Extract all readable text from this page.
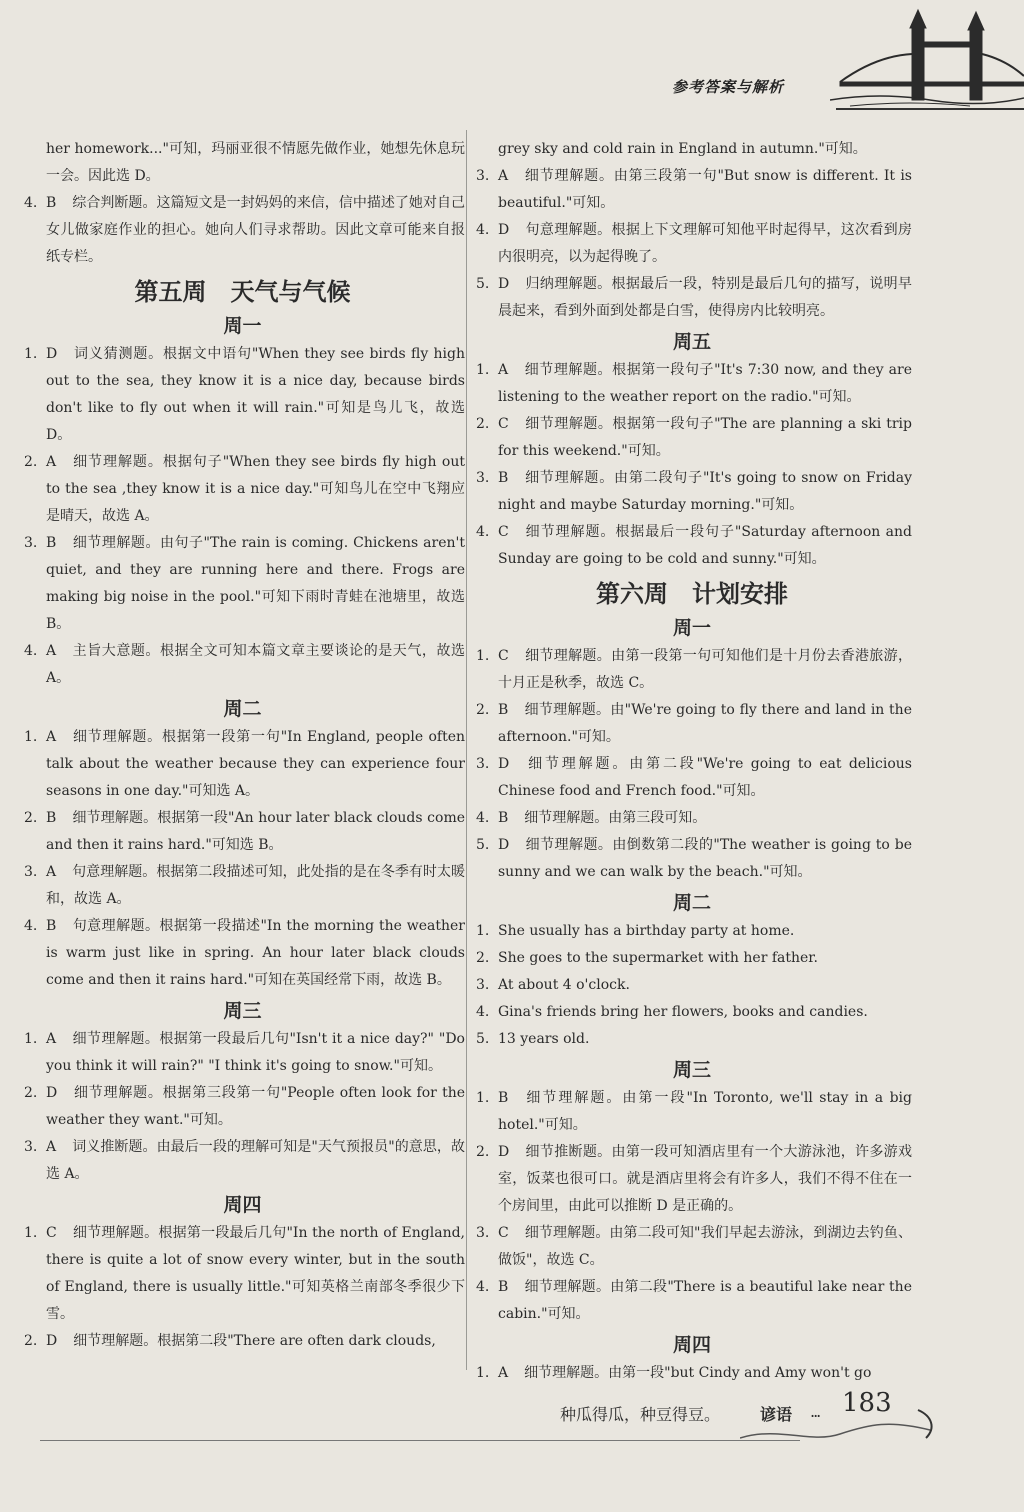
参考答案与解析

her homework..."可知，玛丽亚很不情愿先做作业，她想先休息玩一会。因此选 D。

4. B 综合判断题。这篇短文是一封妈妈的来信，信中描述了她对自己女儿做家庭作业的担心。她向人们寻求帮助。因此文章可能来自报纸专栏。

第五周　天气与气候
周一

1. D 词义猜测题。根据文中语句"When they see birds fly high out to the sea, they know it is a nice day, because birds don't like to fly out when it will rain."可知是鸟儿飞，故选 D。

2. A 细节理解题。根据句子"When they see birds fly high out to the sea ,they know it is a nice day."可知鸟儿在空中飞翔应是晴天，故选 A。

3. B 细节理解题。由句子"The rain is coming. Chickens aren't quiet, and they are running here and there. Frogs are making big noise in the pool."可知下雨时青蛙在池塘里，故选 B。

4. A 主旨大意题。根据全文可知本篇文章主要谈论的是天气，故选 A。

周二

1. A 细节理解题。根据第一段第一句"In England, people often talk about the weather because they can experience four seasons in one day."可知选 A。

2. B 细节理解题。根据第一段"An hour later black clouds come and then it rains hard."可知选 B。

3. A 句意理解题。根据第二段描述可知，此处指的是在冬季有时太暖和，故选 A。

4. B 句意理解题。根据第一段描述"In the morning the weather is warm just like in spring. An hour later black clouds come and then it rains hard."可知在英国经常下雨，故选 B。

周三

1. A 细节理解题。根据第一段最后几句"Isn't it a nice day?" "Do you think it will rain?" "I think it's going to snow."可知。

2. D 细节理解题。根据第三段第一句"People often look for the weather they want."可知。

3. A 词义推断题。由最后一段的理解可知是"天气预报员"的意思，故选 A。

周四

1. C 细节理解题。根据第一段最后几句"In the north of England, there is quite a lot of snow every winter, but in the south of England, there is usually little."可知英格兰南部冬季很少下雪。

2. D 细节理解题。根据第二段"There are often dark clouds,

grey sky and cold rain in England in autumn."可知。

3. A 细节理解题。由第三段第一句"But snow is different. It is beautiful."可知。

4. D 句意理解题。根据上下文理解可知他平时起得早，这次看到房内很明亮，以为起得晚了。

5. D 归纳理解题。根据最后一段，特别是最后几句的描写，说明早晨起来，看到外面到处都是白雪，使得房内比较明亮。

周五

1. A 细节理解题。根据第一段句子"It's 7:30 now, and they are listening to the weather report on the radio."可知。

2. C 细节理解题。根据第一段句子"The are planning a ski trip for this weekend."可知。

3. B 细节理解题。由第二段句子"It's going to snow on Friday night and maybe Saturday morning."可知。

4. C 细节理解题。根据最后一段句子"Saturday afternoon and Sunday are going to be cold and sunny."可知。

第六周　计划安排
周一

1. C 细节理解题。由第一段第一句可知他们是十月份去香港旅游，十月正是秋季，故选 C。

2. B 细节理解题。由"We're going to fly there and land in the afternoon."可知。

3. D 细节理解题。由第二段"We're going to eat delicious Chinese food and French food."可知。

4. B 细节理解题。由第三段可知。

5. D 细节理解题。由倒数第二段的"The weather is going to be sunny and we can walk by the beach."可知。

周二

1. She usually has a birthday party at home.

2. She goes to the supermarket with her father.

3. At about 4 o'clock.

4. Gina's friends bring her flowers, books and candies.

5. 13 years old.

周三

1. B 细节理解题。由第一段"In Toronto, we'll stay in a big hotel."可知。

2. D 细节推断题。由第一段可知酒店里有一个大游泳池，许多游戏室，饭菜也很可口。就是酒店里将会有许多人，我们不得不住在一个房间里，由此可以推断 D 是正确的。

3. C 细节理解题。由第二段可知"我们早起去游泳，到湖边去钓鱼、做饭"，故选 C。

4. B 细节理解题。由第二段"There is a beautiful lake near the cabin."可知。

周四

1. A 细节理解题。由第一段"but Cindy and Amy won't go

种瓜得瓜，种豆得豆。 谚语 ... 183
